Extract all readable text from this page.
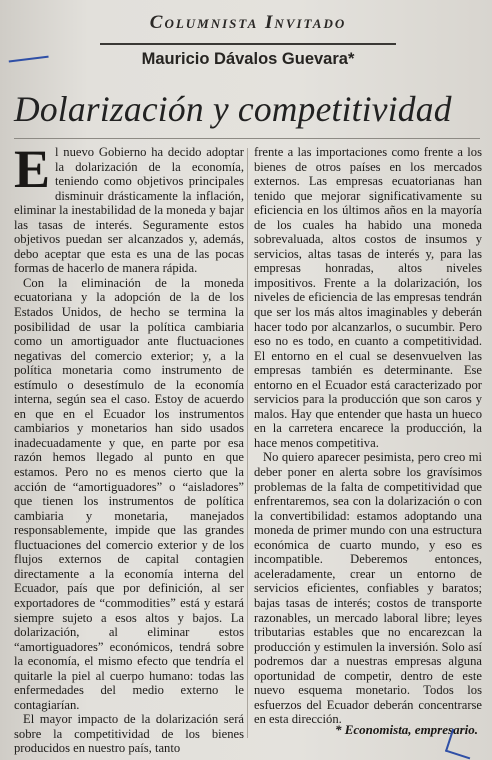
Columnista Invitado
Mauricio Dávalos Guevara*
Dolarización y competitividad

El nuevo Gobierno ha decido adoptar la dolarización de la economía, teniendo como objetivos principales disminuir drásticamente la inflación, eliminar la inestabilidad de la moneda y bajar las tasas de interés. Seguramente estos objetivos puedan ser alcanzados y, además, debo aceptar que esta es una de las pocas formas de hacerlo de manera rápida.

Con la eliminación de la moneda ecuatoriana y la adopción de la de los Estados Unidos, de hecho se termina la posibilidad de usar la política cambiaria como un amortiguador ante fluctuaciones negativas del comercio exterior; y, a la política monetaria como instrumento de estímulo o desestímulo de la economía interna, según sea el caso. Estoy de acuerdo en que en el Ecuador los instrumentos cambiarios y monetarios han sido usados inadecuadamente y que, en parte por esa razón hemos llegado al punto en que estamos. Pero no es menos cierto que la acción de “amortiguadores” o “aisladores” que tienen los instrumentos de política cambiaria y monetaria, manejados responsablemente, impide que las grandes fluctuaciones del comercio exterior y de los flujos externos de capital contagien directamente a la economía interna del Ecuador, país que por definición, al ser exportadores de “commodities” está y estará siempre sujeto a esos altos y bajos. La dolarización, al eliminar estos “amortiguadores” económicos, tendrá sobre la economía, el mismo efecto que tendría el quitarle la piel al cuerpo humano: todas las enfermedades del medio externo le contagiarían.

El mayor impacto de la dolarización será sobre la competitividad de los bienes producidos en nuestro país, tanto

frente a las importaciones como frente a los bienes de otros países en los mercados externos. Las empresas ecuatorianas han tenido que mejorar significativamente su eficiencia en los últimos años en la mayoría de los cuales ha habido una moneda sobrevaluada, altos costos de insumos y servicios, altas tasas de interés y, para las empresas honradas, altos niveles impositivos. Frente a la dolarización, los niveles de eficiencia de las empresas tendrán que ser los más altos imaginables y deberán hacer todo por alcanzarlos, o sucumbir. Pero eso no es todo, en cuanto a competitividad. El entorno en el cual se desenvuelven las empresas también es determinante. Ese entorno en el Ecuador está caracterizado por servicios para la producción que son caros y malos. Hay que entender que hasta un hueco en la carretera encarece la producción, la hace menos competitiva.

No quiero aparecer pesimista, pero creo mi deber poner en alerta sobre los gravísimos problemas de la falta de competitividad que enfrentaremos, sea con la dolarización o con la convertibilidad: estamos adoptando una moneda de primer mundo con una estructura económica de cuarto mundo, y eso es incompatible. Deberemos entonces, aceleradamente, crear un entorno de servicios eficientes, confiables y baratos; bajas tasas de interés; costos de transporte razonables, un mercado laboral libre; leyes tributarias estables que no encarezcan la producción y estimulen la inversión. Solo así podremos dar a nuestras empresas alguna oportunidad de competir, dentro de este nuevo esquema monetario. Todos los esfuerzos del Ecuador deberán concentrarse en esta dirección.

* Economista, empresario.
